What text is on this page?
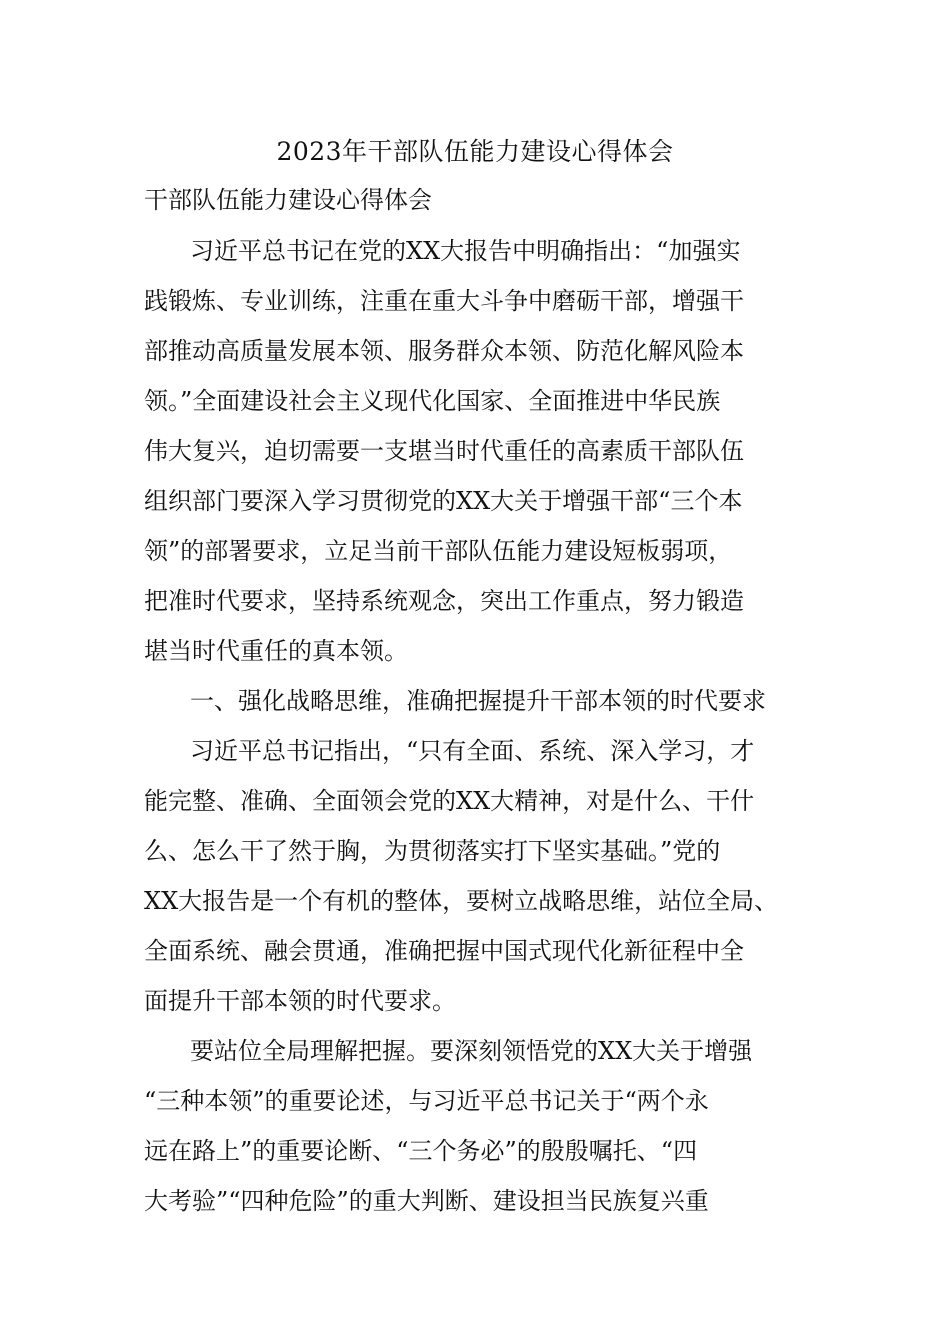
2023年干部队伍能力建设心得体会
干部队伍能力建设心得体会

习近平总书记在党的XX大报告中明确指出：“加强实

践锻炼、专业训练，注重在重大斗争中磨砺干部，增强干

部推动高质量发展本领、服务群众本领、防范化解风险本

领。”全面建设社会主义现代化国家、全面推进中华民族

伟大复兴，迫切需要一支堪当时代重任的高素质干部队伍

组织部门要深入学习贯彻党的XX大关于增强干部“三个本

领”的部署要求，立足当前干部队伍能力建设短板弱项，

把准时代要求，坚持系统观念，突出工作重点，努力锻造

堪当时代重任的真本领。

一、强化战略思维，准确把握提升干部本领的时代要求

习近平总书记指出，“只有全面、系统、深入学习，才

能完整、准确、全面领会党的XX大精神，对是什么、干什

么、怎么干了然于胸，为贯彻落实打下坚实基础。”党的

XX大报告是一个有机的整体，要树立战略思维，站位全局、

全面系统、融会贯通，准确把握中国式现代化新征程中全

面提升干部本领的时代要求。

要站位全局理解把握。要深刻领悟党的XX大关于增强

“三种本领”的重要论述，与习近平总书记关于“两个永

远在路上”的重要论断、“三个务必”的殷殷嘱托、“四

大考验”“四种危险”的重大判断、建设担当民族复兴重
